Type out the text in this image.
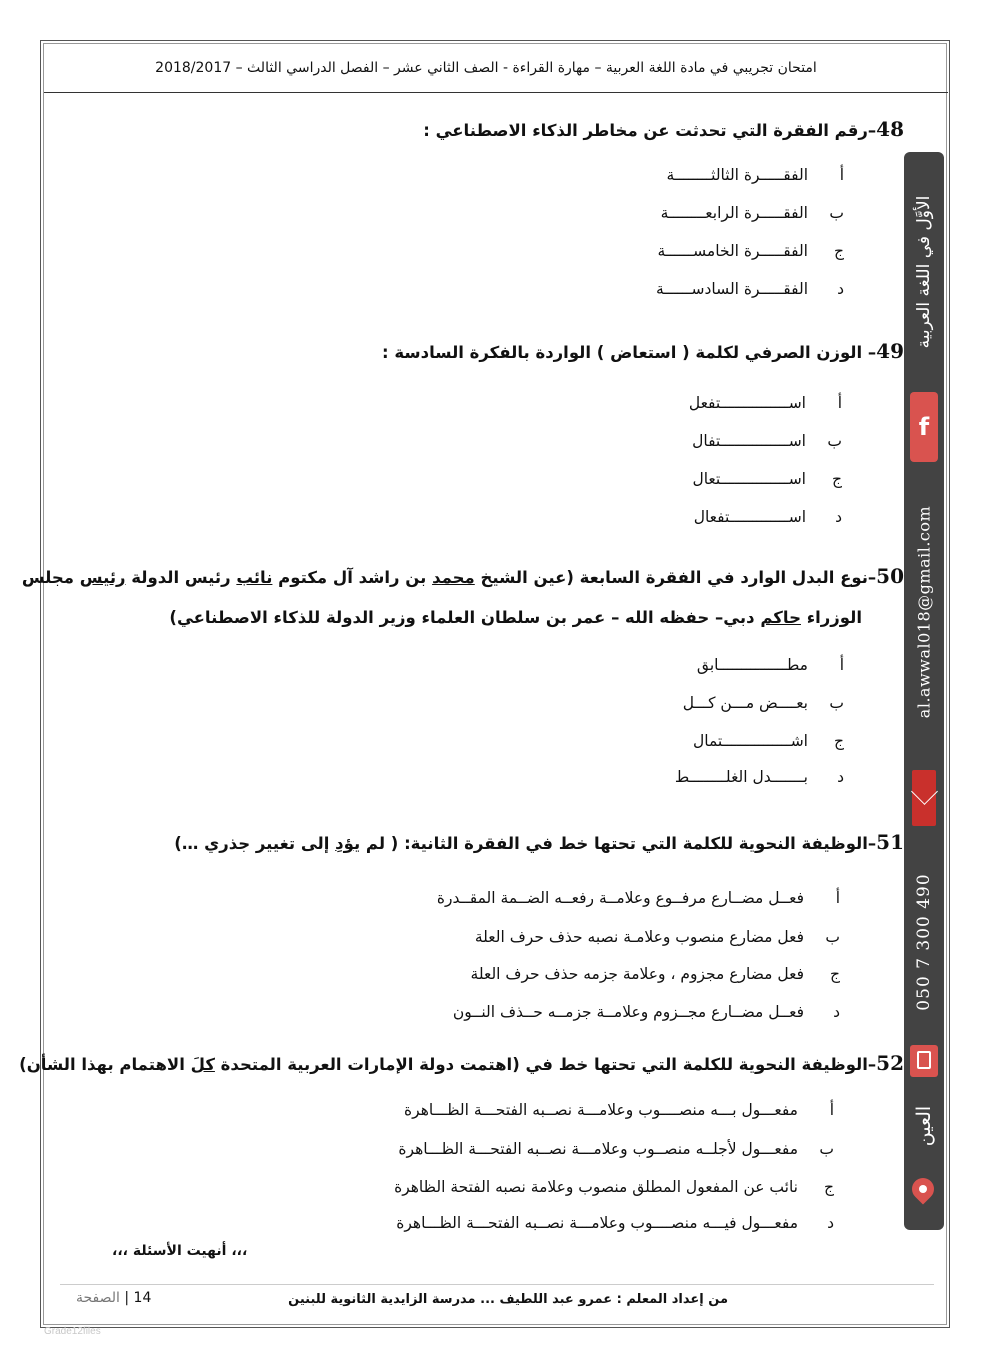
امتحان تجريبي في مادة اللغة العربية – مهارة القراءة - الصف الثاني عشر – الفصل الدراسي الثالث – 2018/2017
48–رقم الفقرة التي تحدثت عن مخاطر الذكاء الاصطناعي :
أالفقـــــرة الثالثــــــــة
بالفقـــــرة الرابعــــــــة
جالفقـــــرة الخامســــــة
دالفقـــــرة السادســــــة
49– الوزن الصرفي لكلمة ( استعاض ) الواردة بالفكرة السادسة :
أاســـــــــــــــتفعل
باســـــــــــــــتفال
جاســـــــــــــــتعال
داســـــــــــــتفعال
50–نوع البدل الوارد في الفقرة السابعة (عين الشيخ محمد بن راشد آل مكتوم نائب رئيس الدولة رئيس مجلس
الوزراء حاكم دبي– حفظه الله – عمر بن سلطان العلماء وزير الدولة للذكاء الاصطناعي)
أمطـــــــــــــــابق
ببعــــض مـــن كـــل
جاشـــــــــــــــتمال
دبـــــــدل الغلــــــــط
51–الوظيفة النحوية للكلمة التي تحتها خط في الفقرة الثانية: ( لم يؤدِ إلى تغيير جذري …)
أفعــل مضــارع مرفــوع وعلامــة رفعــه الضــمة المقــدرة
بفعل مضارع منصوب وعلامـة نصبه حذف حرف العلة
جفعل مضارع مجزوم ، وعلامة جزمه حذف حرف العلة
دفعــل مضــارع مجــزوم وعلامــة جزمــه حــذف النــون
52–الوظيفة النحوية للكلمة التي تحتها خط في (اهتمت دولة الإمارات العربية المتحدة كلَ الاهتمام بهذا الشأن)
أمفعـــول بـــه منصــــوب وعلامـــة نصــبه الفتحـــة الظـــاهرة
بمفعـــول لأجلــه منصــوب وعلامـــة نصــبه الفتحـــة الظـــاهرة
جنائب عن المفعول المطلق منصوب وعلامة نصبه الفتحة الظاهرة
دمفعـــول فيـــه منصــــوب وعلامـــة نصــبه الفتحـــة الظـــاهرة
،،، أنهيت الأسئلة ،،،
الأوَّل في اللغة العربية
f
al.awwal018@gmail.com
050 7 300 490
العين
من إعداد المعلم : عمرو عبد اللطيف ... مدرسة الزايدية الثانوية للبنين
14 | الصفحة
Grade12files
